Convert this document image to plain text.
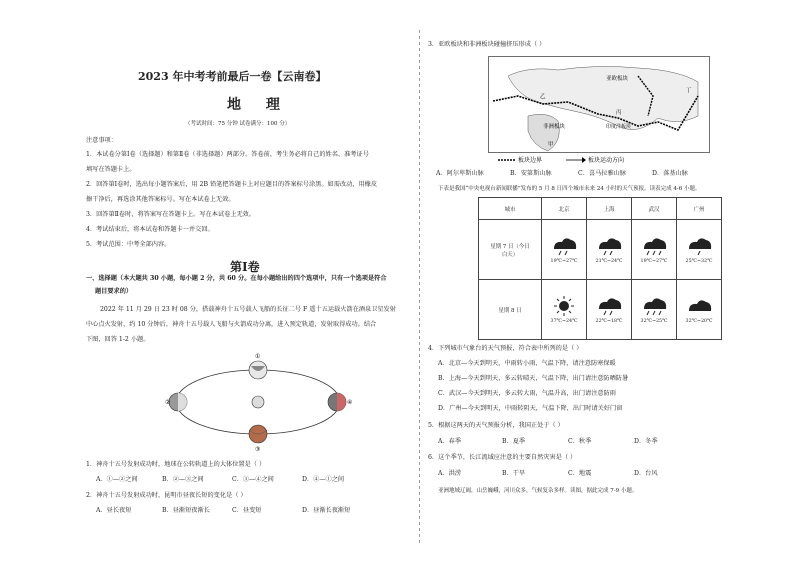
2023 年中考考前最后一卷【云南卷】
地 理
（考试时间：75 分钟 试卷满分：100 分）
注意事项：
1．本试卷分第Ⅰ卷（选择题）和第Ⅱ卷（非选择题）两部分。答卷前，考生务必将自己的姓名、准考证号
填写在答题卡上。
2．回答第Ⅰ卷时，选出每小题答案后，用 2B 铅笔把答题卡上对应题目的答案标号涂黑。如需改动，用橡皮
擦干净后，再选涂其他答案标号。写在本试卷上无效。
3．回答第Ⅱ卷时，将答案写在答题卡上。写在本试卷上无效。
4．考试结束后，将本试卷和答题卡一并交回。
5．考试范围：中考全部内容。
第Ⅰ卷
一、选择题（本大题共 30 小题，每小题 2 分，共 60 分。在每小题给出的四个选项中，只有一个选项是符合
题目要求的）
2022 年 11 月 29 日 23 时 08 分，搭载神舟十五号载人飞船的长征二号 F 遥十五运载火箭在酒泉卫星发射
中心点火发射，约 10 分钟后，神舟十五号载人飞船与火箭成功分离，进入预定轨道，发射取得成功。结合
下图，回答 1-2 小题。
①
②
③
④
1．神舟十五号发射成功时，地球在公转轨道上的大体位置是（ ）
A．①—②之间	B．②—③之间	C．③—④之间	D．④—①之间
2．神舟十五号发射成功时，昆明市昼夜长短的变化是（ ）
A．昼长夜短	B．昼渐短夜渐长	C．昼变短	D．昼渐长夜渐短
3．亚欧板块和非洲板块碰撞挤压形成（ ）
亚欧板块
非洲板块	印度洋板块
甲
乙
丙
丁
板块边界	板块运动方向
A．阿尔卑斯山脉	B．安第斯山脉	C．喜马拉雅山脉	D．落基山脉
下表是我国“中央电视台新闻联播”发布的 5 月 8 日四个城市未来 24 小时的天气预报。读表完成 4-6 小题。
城市	北京	上海	武汉	广州

星期 7 日（今日
白天）	19℃~27℃	21℃~24℃	19℃~27℃	25℃~32℃

星期 8 日	37℃~24℃	22℃~18℃	32℃~25℃	32℃~20℃
4．下列城市气象台的天气预报，符合表中所列的是（ ）
A．北京—今天到明天，中雨转小雨，气温下降，请注意防寒保暖
B．上海—今天到明天，多云转晴天，气温下降，出门请注意防晒防暑
C．武汉—今天到明天，多云转大雨，气温升高，出门请注意防雨
D．广州—今天到明天，中雨转阴天，气温下降，出门时请关好门窗
5．根据这两天的天气预报分析，我国正处于（ ）
A．春季	B．夏季	C．秋季	D．冬季
6．这个季节，长江流域应注意的主要自然灾害是（ ）
A．洪涝	B．干旱	C．地震	D．台风
亚洲地域辽阔，山岳巍峨，河川众多，气候复杂多样。读图，据此完成 7-9 小题。
